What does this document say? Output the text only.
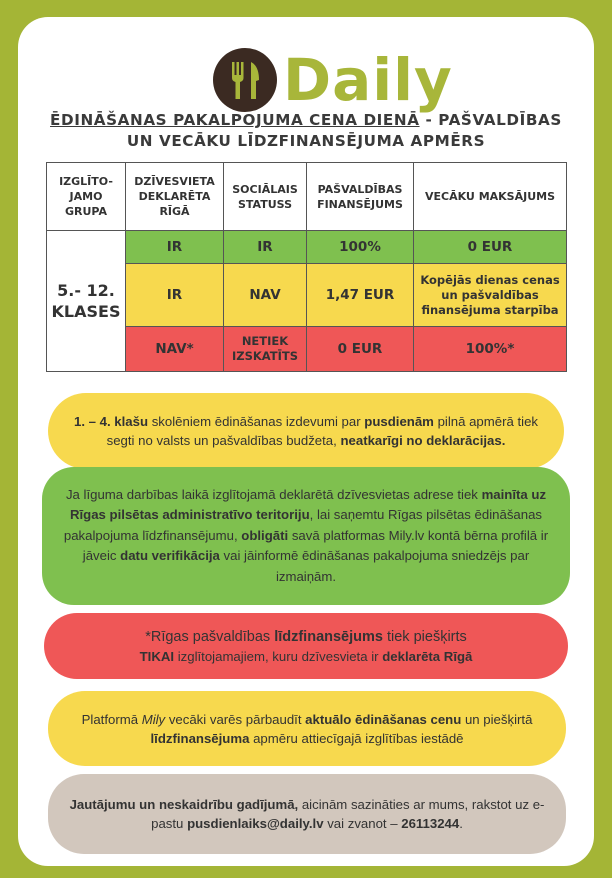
Daily
ĒDINĀŠANAS PAKALPOJUMA CENA DIENĀ - PAŠVALDĪBAS
UN VECĀKU LĪDZFINANSĒJUMA APMĒRS
IZGLĪTO-JAMO GRUPA	DZĪVESVIETA DEKLARĒTA RĪGĀ	SOCIĀLAIS STATUSS	PAŠVALDĪBAS FINANSĒJUMS	VECĀKU MAKSĀJUMS
5.- 12. KLASES	IR	IR	100%	0 EUR
	IR	NAV	1,47 EUR	Kopējās dienas cenas un pašvaldības finansējuma starpība
	NAV*	NETIEK IZSKATĪTS	0 EUR	100%*
1. – 4. klašu skolēniem ēdināšanas izdevumi par pusdienām pilnā apmērā tiek segti no valsts un pašvaldības budžeta, neatkarīgi no deklarācijas.
Ja līguma darbības laikā izglītojamā deklarētā dzīvesvietas adrese tiek mainīta uz Rīgas pilsētas administratīvo teritoriju, lai saņemtu Rīgas pilsētas ēdināšanas pakalpojuma līdzfinansējumu, obligāti savā platformas Mily.lv kontā bērna profilā ir jāveic datu verifikācija vai jāinformē ēdināšanas pakalpojuma sniedzējs par izmaiņām.
*Rīgas pašvaldības līdzfinansējums tiek piešķirts
TIKAI izglītojamajiem, kuru dzīvesvieta ir deklarēta Rīgā
Platformā Mily vecāki varēs pārbaudīt aktuālo ēdināšanas cenu un piešķirtā līdzfinansējuma apmēru attiecīgajā izglītības iestādē
Jautājumu un neskaidrību gadījumā, aicinām sazināties ar mums, rakstot uz e-pastu pusdienlaiks@daily.lv vai zvanot – 26113244.
